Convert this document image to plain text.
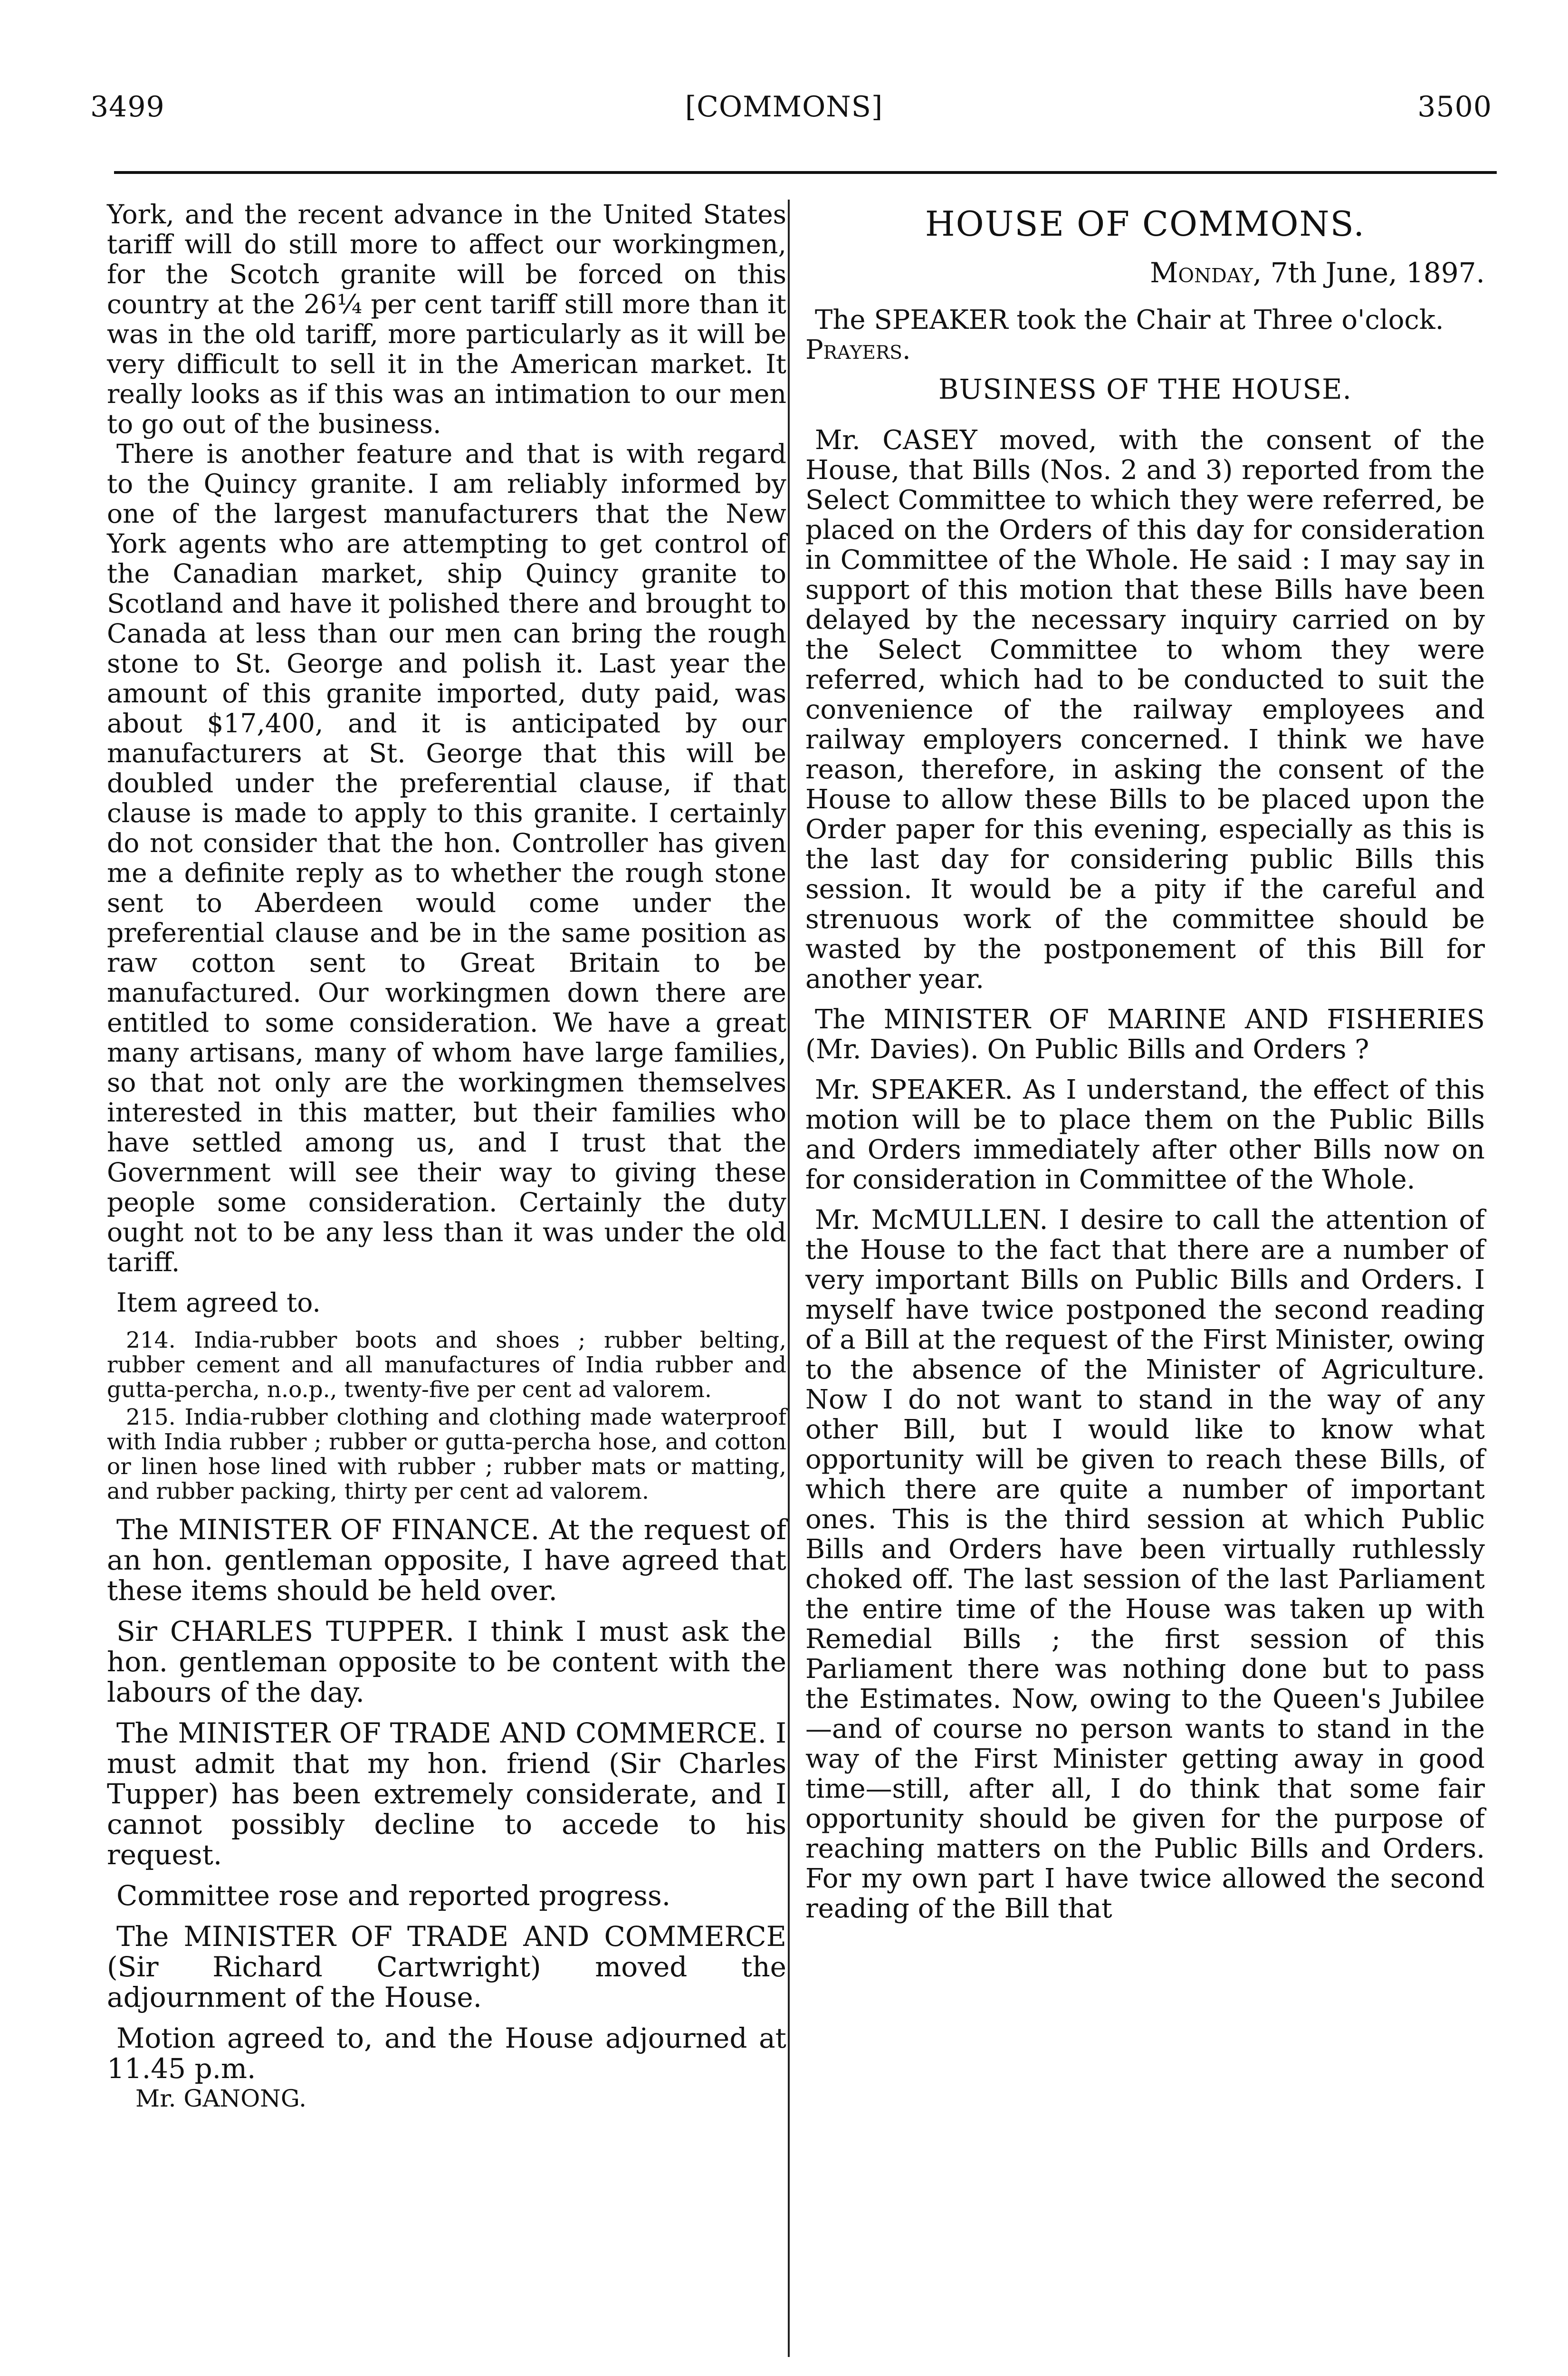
3499	[COMMONS]	3500

York, and the recent advance in the United States tariff will do still more to affect our workingmen, for the Scotch granite will be forced on this country at the 26¼ per cent tariff still more than it was in the old tariff, more particularly as it will be very difficult to sell it in the American market. It really looks as if this was an intimation to our men to go out of the business.

There is another feature and that is with regard to the Quincy granite. I am reliably informed by one of the largest manufacturers that the New York agents who are attempting to get control of the Canadian market, ship Quincy granite to Scotland and have it polished there and brought to Canada at less than our men can bring the rough stone to St. George and polish it. Last year the amount of this granite imported, duty paid, was about $17,400, and it is anticipated by our manufacturers at St. George that this will be doubled under the preferential clause, if that clause is made to apply to this granite. I certainly do not consider that the hon. Controller has given me a definite reply as to whether the rough stone sent to Aberdeen would come under the preferential clause and be in the same position as raw cotton sent to Great Britain to be manufactured. Our workingmen down there are entitled to some consideration. We have a great many artisans, many of whom have large families, so that not only are the workingmen themselves interested in this matter, but their families who have settled among us, and I trust that the Government will see their way to giving these people some consideration. Certainly the duty ought not to be any less than it was under the old tariff.

Item agreed to.

214. India-rubber boots and shoes ; rubber belting, rubber cement and all manufactures of India rubber and gutta-percha, n.o.p., twenty-five per cent ad valorem.

215. India-rubber clothing and clothing made waterproof with India rubber ; rubber or gutta-percha hose, and cotton or linen hose lined with rubber ; rubber mats or matting, and rubber packing, thirty per cent ad valorem.

The MINISTER OF FINANCE. At the request of an hon. gentleman opposite, I have agreed that these items should be held over.

Sir CHARLES TUPPER. I think I must ask the hon. gentleman opposite to be content with the labours of the day.

The MINISTER OF TRADE AND COMMERCE. I must admit that my hon. friend (Sir Charles Tupper) has been extremely considerate, and I cannot possibly decline to accede to his request.

Committee rose and reported progress.

The MINISTER OF TRADE AND COMMERCE (Sir Richard Cartwright) moved the adjournment of the House.

Motion agreed to, and the House adjourned at 11.45 p.m.

Mr. GANONG.

HOUSE OF COMMONS.
Monday, 7th June, 1897.

The SPEAKER took the Chair at Three o'clock.

Prayers.

BUSINESS OF THE HOUSE.

Mr. CASEY moved, with the consent of the House, that Bills (Nos. 2 and 3) reported from the Select Committee to which they were referred, be placed on the Orders of this day for consideration in Committee of the Whole. He said : I may say in support of this motion that these Bills have been delayed by the necessary inquiry carried on by the Select Committee to whom they were referred, which had to be conducted to suit the convenience of the railway employees and railway employers concerned. I think we have reason, therefore, in asking the consent of the House to allow these Bills to be placed upon the Order paper for this evening, especially as this is the last day for considering public Bills this session. It would be a pity if the careful and strenuous work of the committee should be wasted by the postponement of this Bill for another year.

The MINISTER OF MARINE AND FISHERIES (Mr. Davies). On Public Bills and Orders ?

Mr. SPEAKER. As I understand, the effect of this motion will be to place them on the Public Bills and Orders immediately after other Bills now on for consideration in Committee of the Whole.

Mr. McMULLEN. I desire to call the attention of the House to the fact that there are a number of very important Bills on Public Bills and Orders. I myself have twice postponed the second reading of a Bill at the request of the First Minister, owing to the absence of the Minister of Agriculture. Now I do not want to stand in the way of any other Bill, but I would like to know what opportunity will be given to reach these Bills, of which there are quite a number of important ones. This is the third session at which Public Bills and Orders have been virtually ruthlessly choked off. The last session of the last Parliament the entire time of the House was taken up with Remedial Bills ; the first session of this Parliament there was nothing done but to pass the Estimates. Now, owing to the Queen's Jubilee—and of course no person wants to stand in the way of the First Minister getting away in good time—still, after all, I do think that some fair opportunity should be given for the purpose of reaching matters on the Public Bills and Orders. For my own part I have twice allowed the second reading of the Bill that
